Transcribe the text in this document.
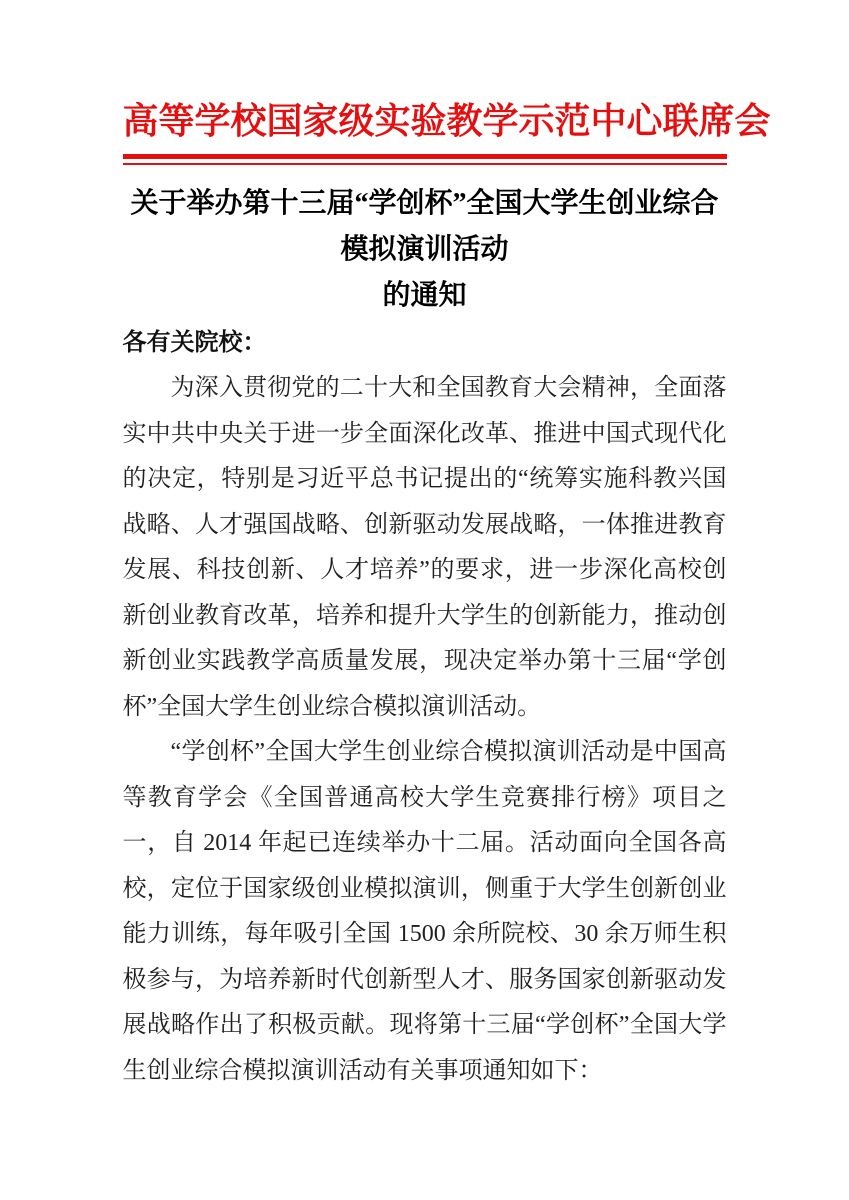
高等学校国家级实验教学示范中心联席会
关于举办第十三届“学创杯”全国大学生创业综合模拟演训活动
的通知
各有关院校：

为深入贯彻党的二十大和全国教育大会精神，全面落实中共中央关于进一步全面深化改革、推进中国式现代化的决定，特别是习近平总书记提出的“统筹实施科教兴国战略、人才强国战略、创新驱动发展战略，一体推进教育发展、科技创新、人才培养”的要求，进一步深化高校创新创业教育改革，培养和提升大学生的创新能力，推动创新创业实践教学高质量发展，现决定举办第十三届“学创杯”全国大学生创业综合模拟演训活动。

“学创杯”全国大学生创业综合模拟演训活动是中国高等教育学会《全国普通高校大学生竞赛排行榜》项目之一，自 2014 年起已连续举办十二届。活动面向全国各高校，定位于国家级创业模拟演训，侧重于大学生创新创业能力训练，每年吸引全国 1500 余所院校、30 余万师生积极参与，为培养新时代创新型人才、服务国家创新驱动发展战略作出了积极贡献。现将第十三届“学创杯”全国大学生创业综合模拟演训活动有关事项通知如下：
